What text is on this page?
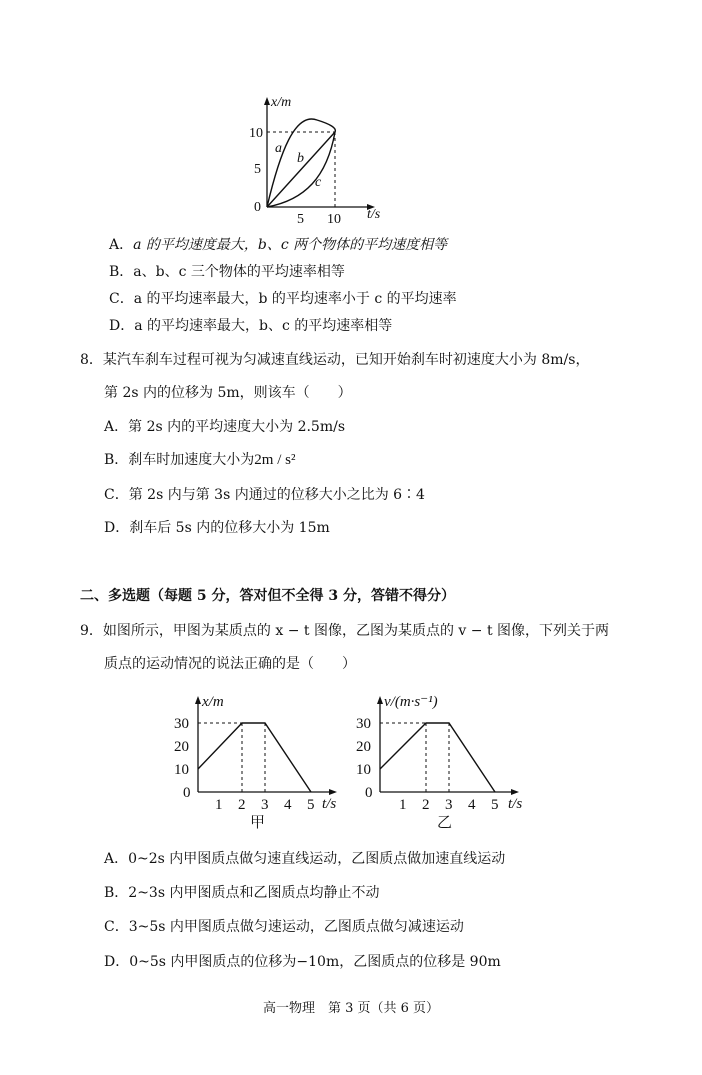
x/m
10
5
0
5 10 t/s
a
b
c
A．a 的平均速度最大，b、c 两个物体的平均速度相等
B．a、b、c 三个物体的平均速率相等
C．a 的平均速率最大，b 的平均速率小于 c 的平均速率
D．a 的平均速率最大，b、c 的平均速率相等
8．某汽车刹车过程可视为匀减速直线运动，已知开始刹车时初速度大小为 8m/s，
第 2s 内的位移为 5m，则该车（　　）
A．第 2s 内的平均速度大小为 2.5m/s
B．刹车时加速度大小为2m / s²
C．第 2s 内与第 3s 内通过的位移大小之比为 6∶4
D．刹车后 5s 内的位移大小为 15m
二、多选题（每题 5 分，答对但不全得 3 分，答错不得分）
9．如图所示，甲图为某质点的 x − t 图像，乙图为某质点的 v − t 图像，下列关于两
质点的运动情况的说法正确的是（　　）
x/m
30
20
10
0
1 2 3 4 5 t/s
甲
v/(m·s⁻¹)
30
20
10
0
1 2 3 4 5 t/s
乙
A．0~2s 内甲图质点做匀速直线运动，乙图质点做加速直线运动
B．2~3s 内甲图质点和乙图质点均静止不动
C．3~5s 内甲图质点做匀速运动，乙图质点做匀减速运动
D．0~5s 内甲图质点的位移为−10m，乙图质点的位移是 90m
高一物理　第 3 页（共 6 页）
